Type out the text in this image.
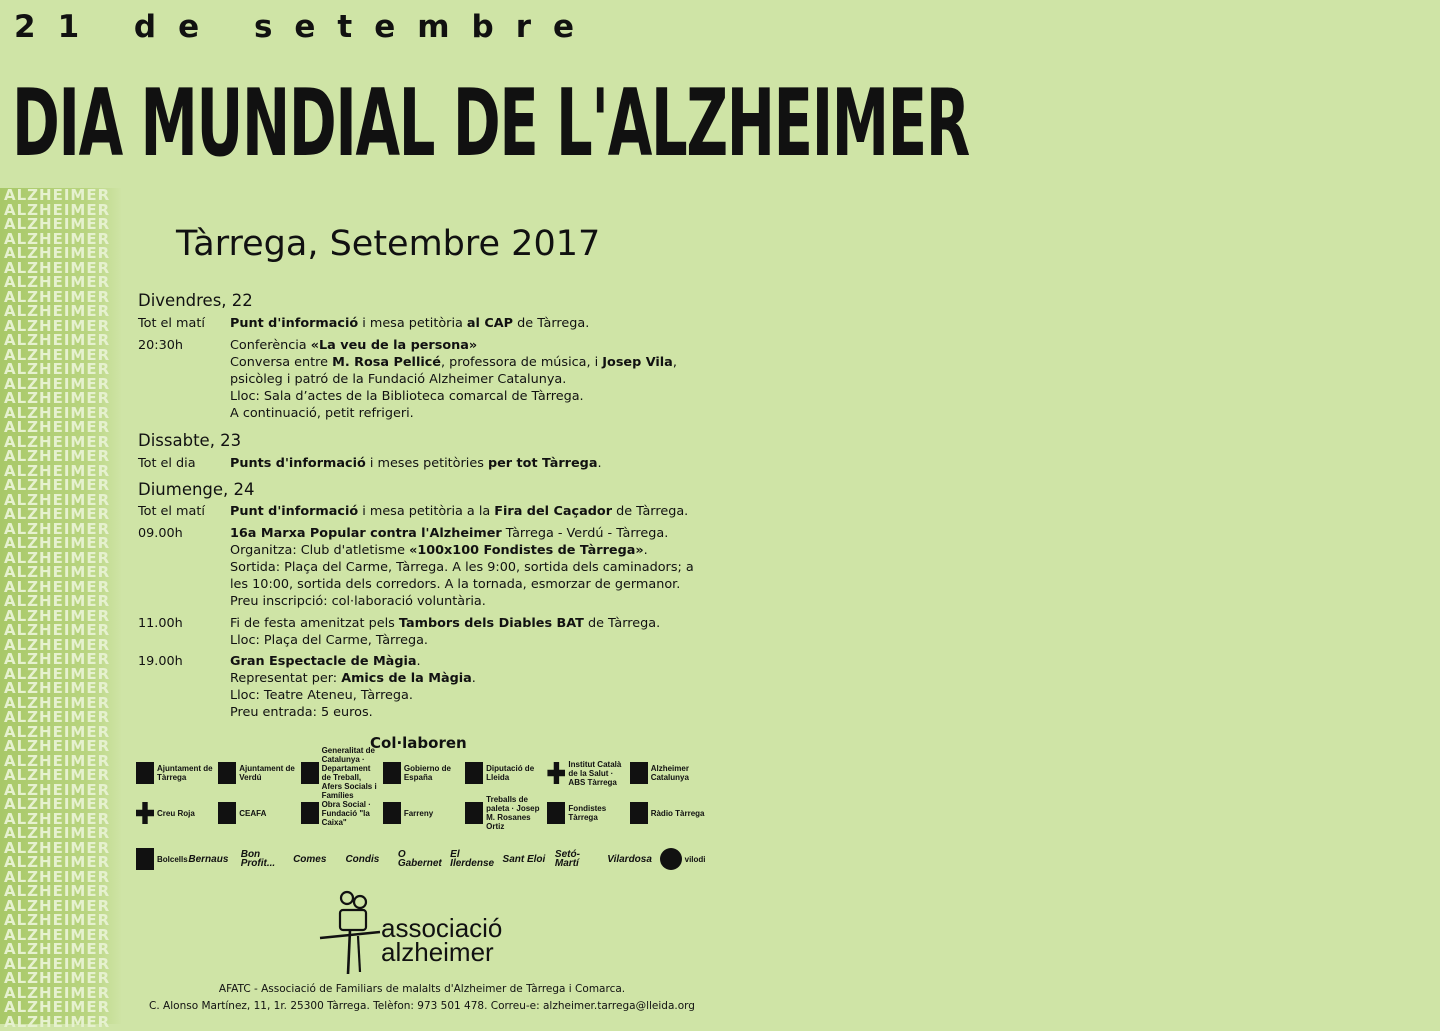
ALZHEIMER
ALZHEIMER
ALZHEIMER
ALZHEIMER
ALZHEIMER
ALZHEIMER
ALZHEIMER
ALZHEIMER
ALZHEIMER
ALZHEIMER
ALZHEIMER
ALZHEIMER
ALZHEIMER
ALZHEIMER
ALZHEIMER
ALZHEIMER
ALZHEIMER
ALZHEIMER
ALZHEIMER
ALZHEIMER
ALZHEIMER
ALZHEIMER
ALZHEIMER
ALZHEIMER
ALZHEIMER
ALZHEIMER
ALZHEIMER
ALZHEIMER
ALZHEIMER
ALZHEIMER
ALZHEIMER
ALZHEIMER
ALZHEIMER
ALZHEIMER
ALZHEIMER
ALZHEIMER
ALZHEIMER
ALZHEIMER
ALZHEIMER
ALZHEIMER
ALZHEIMER
ALZHEIMER
ALZHEIMER
ALZHEIMER
ALZHEIMER
ALZHEIMER
ALZHEIMER
ALZHEIMER
ALZHEIMER
ALZHEIMER
ALZHEIMER
ALZHEIMER
ALZHEIMER
ALZHEIMER
ALZHEIMER
ALZHEIMER
ALZHEIMER
ALZHEIMER
21 de setembre
DIA MUNDIAL DE L'ALZHEIMER
Tàrrega, Setembre 2017
Divendres, 22
Tot el matí	Punt d'informació i mesa petitòria al CAP de Tàrrega.
20:30h	Conferència «La veu de la persona»
Conversa entre M. Rosa Pellicé, professora de música, i Josep Vila,
psicòleg i patró de la Fundació Alzheimer Catalunya.
Lloc: Sala d’actes de la Biblioteca comarcal de Tàrrega.
A continuació, petit refrigeri.
Dissabte, 23
Tot el dia	Punts d'informació i meses petitòries per tot Tàrrega.
Diumenge, 24
Tot el matí	Punt d'informació i mesa petitòria a la Fira del Caçador de Tàrrega.
09.00h	16a Marxa Popular contra l'Alzheimer Tàrrega - Verdú - Tàrrega.
Organitza: Club d'atletisme «100x100 Fondistes de Tàrrega».
Sortida: Plaça del Carme, Tàrrega. A les 9:00, sortida dels caminadors; a
les 10:00, sortida dels corredors. A la tornada, esmorzar de germanor.
Preu inscripció: col·laboració voluntària.
11.00h	Fi de festa amenitzat pels Tambors dels Diables BAT de Tàrrega.
Lloc: Plaça del Carme, Tàrrega.
19.00h	Gran Espectacle de Màgia.
Representat per: Amics de la Màgia.
Lloc: Teatre Ateneu, Tàrrega.
Preu entrada: 5 euros.
Col·laboren
Ajuntament de Tàrrega
Ajuntament de Verdú
Generalitat de Catalunya · Departament de Treball, Afers Socials i Famílies
Gobierno de España
Diputació de Lleida
Institut Català de la Salut · ABS Tàrrega
Alzheimer Catalunya
Creu Roja	CEAFA
Obra Social · Fundació "la Caixa"
Farreny
Treballs de paleta · Josep M. Rosanes Ortiz
Fondistes Tàrrega	Ràdio Tàrrega
Bolcells Bernaus Bon Profit...	Comes Condis O Gabernet
El Ilerdense Sant Eloi Setó-Martí	Vilardosa	vilodi
associació
alzheimer
AFATC - Associació de Familiars de malalts d'Alzheimer de Tàrrega i Comarca.
C. Alonso Martínez, 11, 1r. 25300 Tàrrega. Telèfon: 973 501 478. Correu-e: alzheimer.tarrega@lleida.org
